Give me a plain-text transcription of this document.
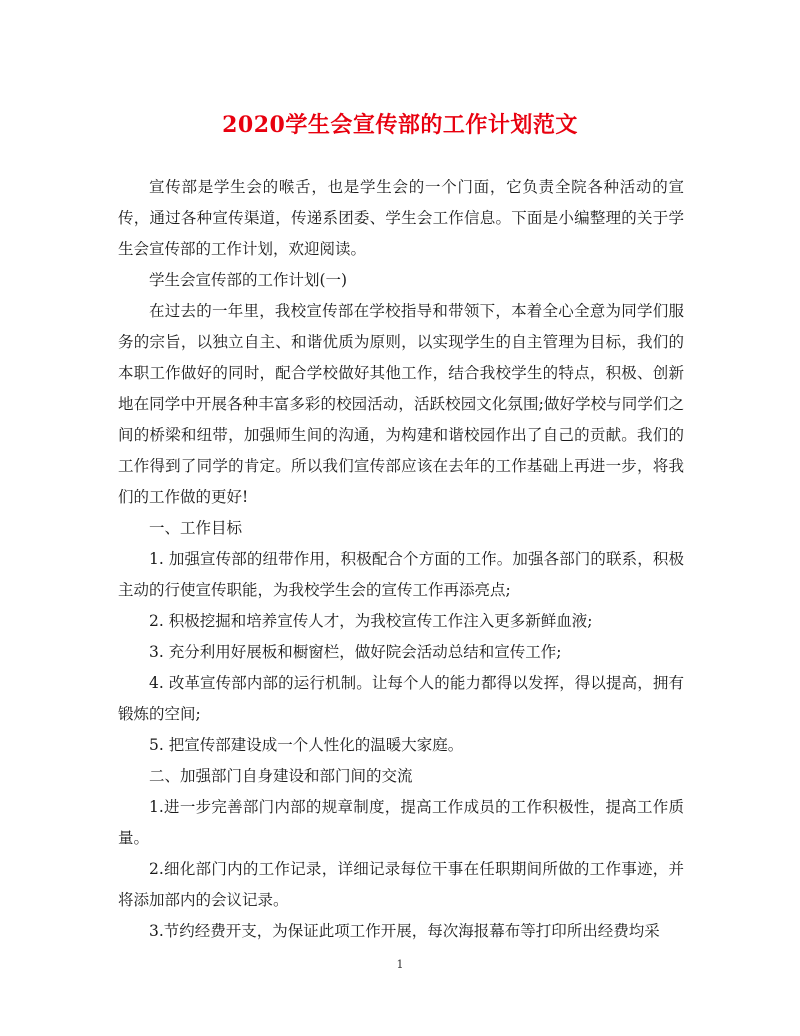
2020学生会宣传部的工作计划范文

宣传部是学生会的喉舌，也是学生会的一个门面，它负责全院各种活动的宣传，通过各种宣传渠道，传递系团委、学生会工作信息。下面是小编整理的关于学生会宣传部的工作计划，欢迎阅读。

学生会宣传部的工作计划(一)

在过去的一年里，我校宣传部在学校指导和带领下，本着全心全意为同学们服务的宗旨，以独立自主、和谐优质为原则，以实现学生的自主管理为目标，我们的本职工作做好的同时，配合学校做好其他工作，结合我校学生的特点，积极、创新地在同学中开展各种丰富多彩的校园活动，活跃校园文化氛围;做好学校与同学们之间的桥梁和纽带，加强师生间的沟通，为构建和谐校园作出了自己的贡献。我们的工作得到了同学的肯定。所以我们宣传部应该在去年的工作基础上再进一步，将我们的工作做的更好!

一、工作目标

1. 加强宣传部的纽带作用，积极配合个方面的工作。加强各部门的联系，积极主动的行使宣传职能，为我校学生会的宣传工作再添亮点;

2. 积极挖掘和培养宣传人才，为我校宣传工作注入更多新鲜血液;

3. 充分利用好展板和橱窗栏，做好院会活动总结和宣传工作;

4. 改革宣传部内部的运行机制。让每个人的能力都得以发挥，得以提高，拥有锻炼的空间;

5. 把宣传部建设成一个人性化的温暖大家庭。

二、加强部门自身建设和部门间的交流

1.进一步完善部门内部的规章制度，提高工作成员的工作积极性，提高工作质量。

2.细化部门内的工作记录，详细记录每位干事在任职期间所做的工作事迹，并将添加部内的会议记录。

3.节约经费开支，为保证此项工作开展，每次海报幕布等打印所出经费均采

1
